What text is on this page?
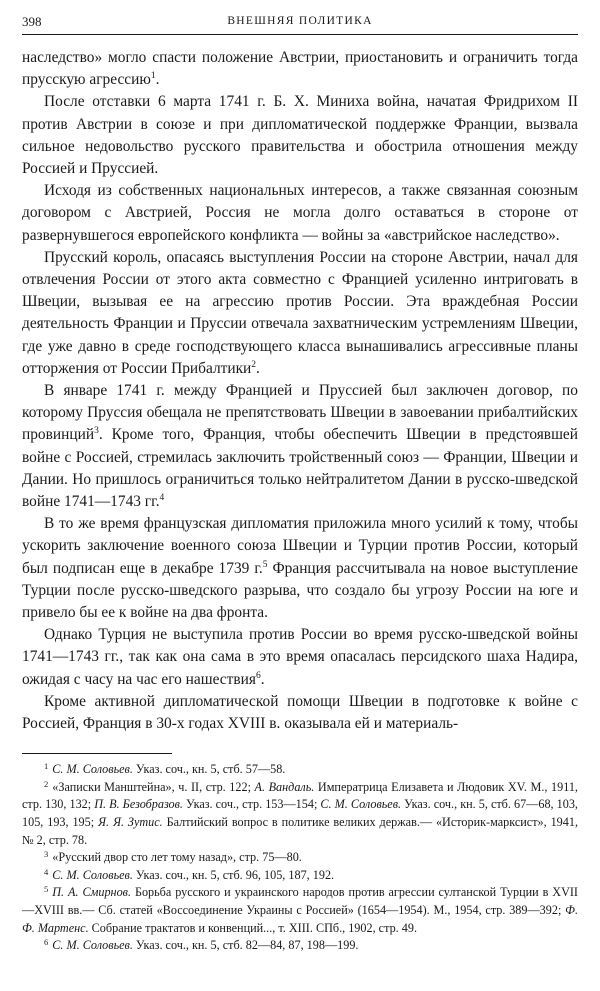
398	ВНЕШНЯЯ ПОЛИТИКА

наследство» могло спасти положение Австрии, приостановить и ограничить тогда прусскую агрессию$^1$.

После отставки 6 марта 1741 г. Б. Х. Миниха война, начатая Фридрихом II против Австрии в союзе и при дипломатической поддержке Франции, вызвала сильное недовольство русского правительства и обострила отношения между Россией и Пруссией.

Исходя из собственных национальных интересов, а также связанная союзным договором с Австрией, Россия не могла долго оставаться в стороне от развернувшегося европейского конфликта — войны за «австрийское наследство».

Прусский король, опасаясь выступления России на стороне Австрии, начал для отвлечения России от этого акта совместно с Францией усиленно интриговать в Швеции, вызывая ее на агрессию против России. Эта враждебная России деятельность Франции и Пруссии отвечала захватническим устремлениям Швеции, где уже давно в среде господствующего класса вынашивались агрессивные планы отторжения от России Прибалтики$^2$.

В январе 1741 г. между Францией и Пруссией был заключен договор, по которому Пруссия обещала не препятствовать Швеции в завоевании прибалтийских провинций$^3$. Кроме того, Франция, чтобы обеспечить Швеции в предстоявшей войне с Россией, стремилась заключить тройственный союз — Франции, Швеции и Дании. Но пришлось ограничиться только нейтралитетом Дании в русско-шведской войне 1741—1743 гг.$^4$

В то же время французская дипломатия приложила много усилий к тому, чтобы ускорить заключение военного союза Швеции и Турции против России, который был подписан еще в декабре 1739 г.$^5$ Франция рассчитывала на новое выступление Турции после русско-шведского разрыва, что создало бы угрозу России на юге и привело бы ее к войне на два фронта.

Однако Турция не выступила против России во время русско-шведской войны 1741—1743 гг., так как она сама в это время опасалась персидского шаха Надира, ожидая с часу на час его нашествия$^6$.

Кроме активной дипломатической помощи Швеции в подготовке к войне с Россией, Франция в 30-х годах XVIII в. оказывала ей и материаль-

$^1$ С. М. Соловьев. Указ. соч., кн. 5, стб. 57—58.

$^2$ «Записки Манштейна», ч. II, стр. 122; А. Вандаль. Императрица Елизавета и Людовик XV. М., 1911, стр. 130, 132; П. В. Безобразов. Указ. соч., стр. 153—154; С. М. Соловьев. Указ. соч., кн. 5, стб. 67—68, 103, 105, 193, 195; Я. Я. Зутис. Балтийский вопрос в политике великих держав.— «Историк-марксист», 1941, № 2, стр. 78.

$^3$ «Русский двор сто лет тому назад», стр. 75—80.

$^4$ С. М. Соловьев. Указ. соч., кн. 5, стб. 96, 105, 187, 192.

$^5$ П. А. Смирнов. Борьба русского и украинского народов против агрессии султанской Турции в XVII—XVIII вв.— Сб. статей «Воссоединение Украины с Россией» (1654—1954). М., 1954, стр. 389—392; Ф. Ф. Мартенс. Собрание трактатов и конвенций..., т. XIII. СПб., 1902, стр. 49.

$^6$ С. М. Соловьев. Указ. соч., кн. 5, стб. 82—84, 87, 198—199.
